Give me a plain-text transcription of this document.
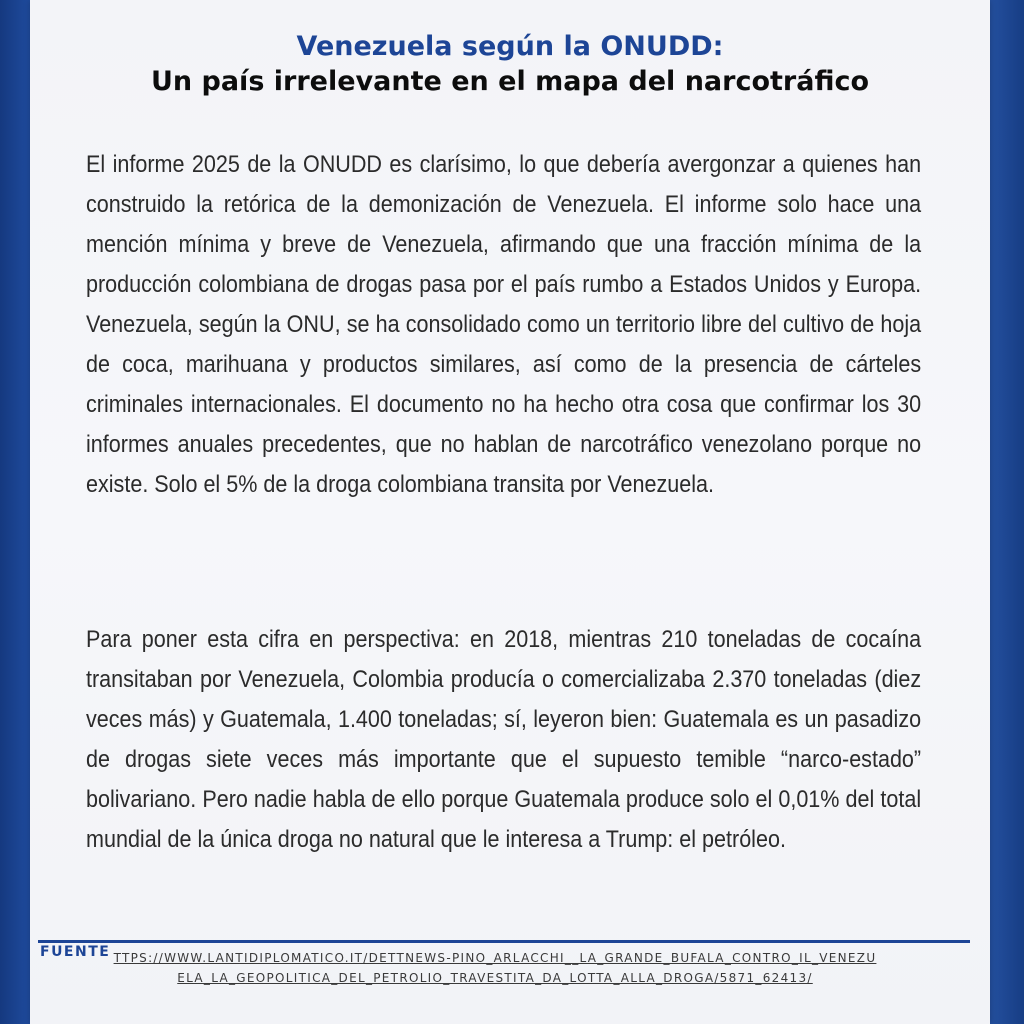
Venezuela según la ONUDD:
Un país irrelevante en el mapa del narcotráfico

El informe 2025 de la ONUDD es clarísimo, lo que debería avergonzar a quienes han construido la retórica de la demonización de Venezuela. El informe solo hace una mención mínima y breve de Venezuela, afirmando que una fracción mínima de la producción colombiana de drogas pasa por el país rumbo a Estados Unidos y Europa. Venezuela, según la ONU, se ha consolidado como un territorio libre del cultivo de hoja de coca, marihuana y productos similares, así como de la presencia de cárteles criminales internacionales. El documento no ha hecho otra cosa que confirmar los 30 informes anuales precedentes, que no hablan de narcotráfico venezolano porque no existe. Solo el 5% de la droga colombiana transita por Venezuela.

Para poner esta cifra en perspectiva: en 2018, mientras 210 toneladas de cocaína transitaban por Venezuela, Colombia producía o comercializaba 2.370 toneladas (diez veces más) y Guatemala, 1.400 toneladas; sí, leyeron bien: Guatemala es un pasadizo de drogas siete veces más importante que el supuesto temible “narco-estado” bolivariano. Pero nadie habla de ello porque Guatemala produce solo el 0,01% del total mundial de la única droga no natural que le interesa a Trump: el petróleo.

FUENTE TTPS://WWW.LANTIDIPLOMATICO.IT/DETTNEWS-PINO_ARLACCHI__LA_GRANDE_BUFALA_CONTRO_IL_VENEZUELA_LA_GEOPOLITICA_DEL_PETROLIO_TRAVESTITA_DA_LOTTA_ALLA_DROGA/5871_62413/
